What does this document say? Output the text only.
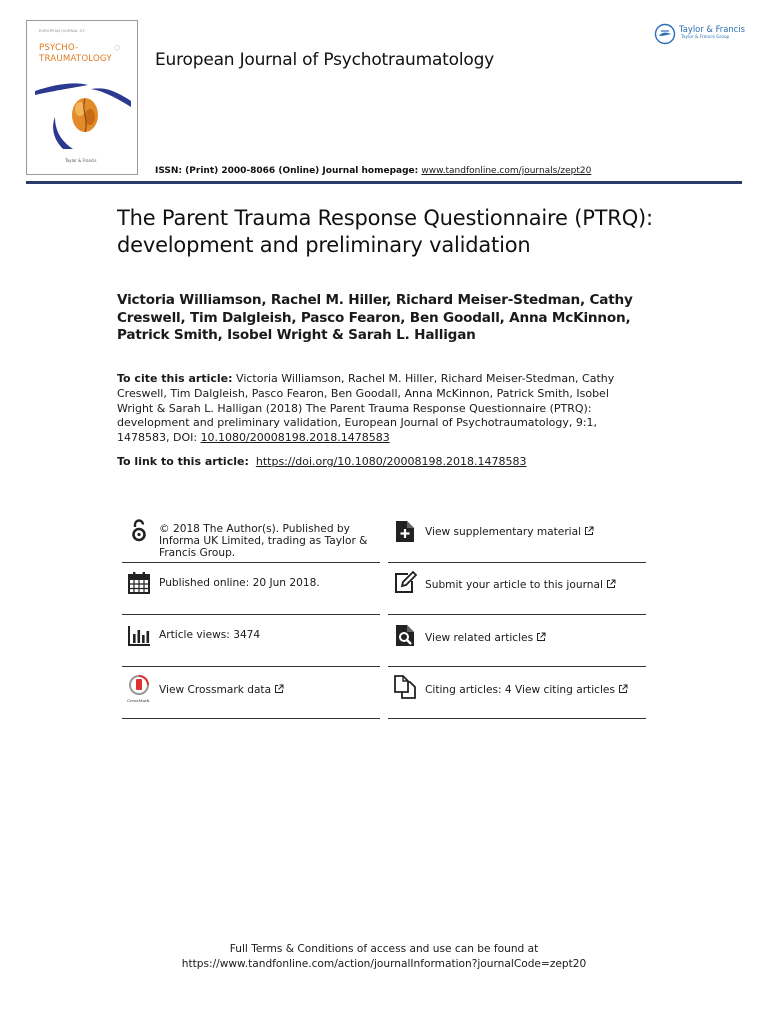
EUROPEAN JOURNAL OF
PSYCHO-
TRAUMATOLOGY
◯
Taylor & Francis
European Journal of Psychotraumatology
Taylor & Francis
Taylor & Francis Group
ISSN: (Print) 2000-8066 (Online) Journal homepage: www.tandfonline.com/journals/zept20
The Parent Trauma Response Questionnaire (PTRQ): development and preliminary validation
Victoria Williamson, Rachel M. Hiller, Richard Meiser-Stedman, Cathy Creswell, Tim Dalgleish, Pasco Fearon, Ben Goodall, Anna McKinnon, Patrick Smith, Isobel Wright & Sarah L. Halligan
To cite this article: Victoria Williamson, Rachel M. Hiller, Richard Meiser-Stedman, Cathy Creswell, Tim Dalgleish, Pasco Fearon, Ben Goodall, Anna McKinnon, Patrick Smith, Isobel Wright & Sarah L. Halligan (2018) The Parent Trauma Response Questionnaire (PTRQ): development and preliminary validation, European Journal of Psychotraumatology, 9:1, 1478583, DOI: 10.1080/20008198.2018.1478583
To link to this article: https://doi.org/10.1080/20008198.2018.1478583
© 2018 The Author(s). Published by Informa UK Limited, trading as Taylor & Francis Group.
Published online: 20 Jun 2018.
Article views: 3474
CrossMark
View Crossmark data
View supplementary material
Submit your article to this journal
View related articles
Citing articles: 4 View citing articles
Full Terms & Conditions of access and use can be found at
https://www.tandfonline.com/action/journalInformation?journalCode=zept20
